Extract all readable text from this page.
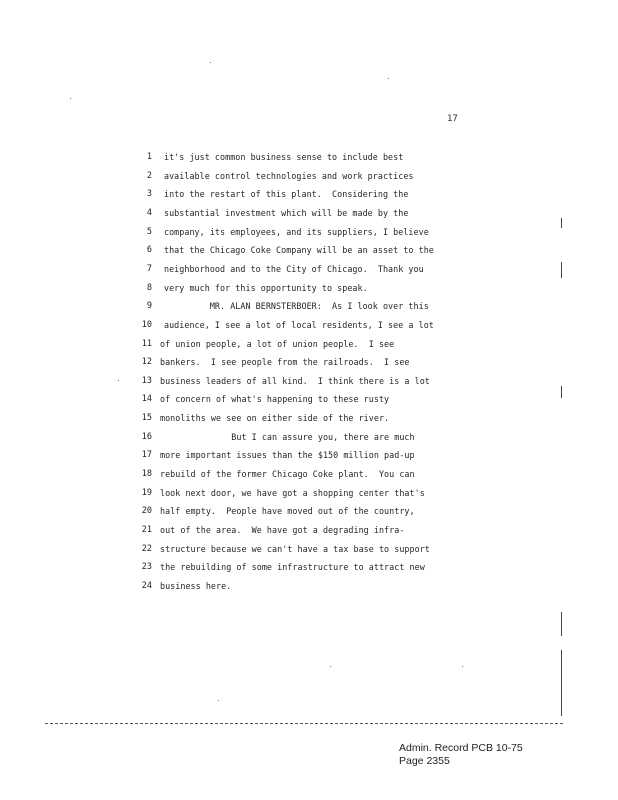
17
1 it's just common business sense to include best
2 available control technologies and work practices
3 into the restart of this plant.  Considering the
4 substantial investment which will be made by the
5 company, its employees, and its suppliers, I believe
6 that the Chicago Coke Company will be an asset to the
7 neighborhood and to the City of Chicago.  Thank you
8 very much for this opportunity to speak.
9 MR. ALAN BERNSTERBOER:  As I look over this
10 audience, I see a lot of local residents, I see a lot
11 of union people, a lot of union people.  I see
12 bankers.  I see people from the railroads.  I see
13 business leaders of all kind.  I think there is a lot
14 of concern of what's happening to these rusty
15 monoliths we see on either side of the river.
16 But I can assure you, there are much
17 more important issues than the $150 million pad-up
18 rebuild of the former Chicago Coke plant.  You can
19 look next door, we have got a shopping center that's
20 half empty.  People have moved out of the country,
21 out of the area.  We have got a degrading infra-
22 structure because we can't have a tax base to support
23 the rebuilding of some infrastructure to attract new
24 business here.
Admin. Record PCB 10-75
Page 2355
